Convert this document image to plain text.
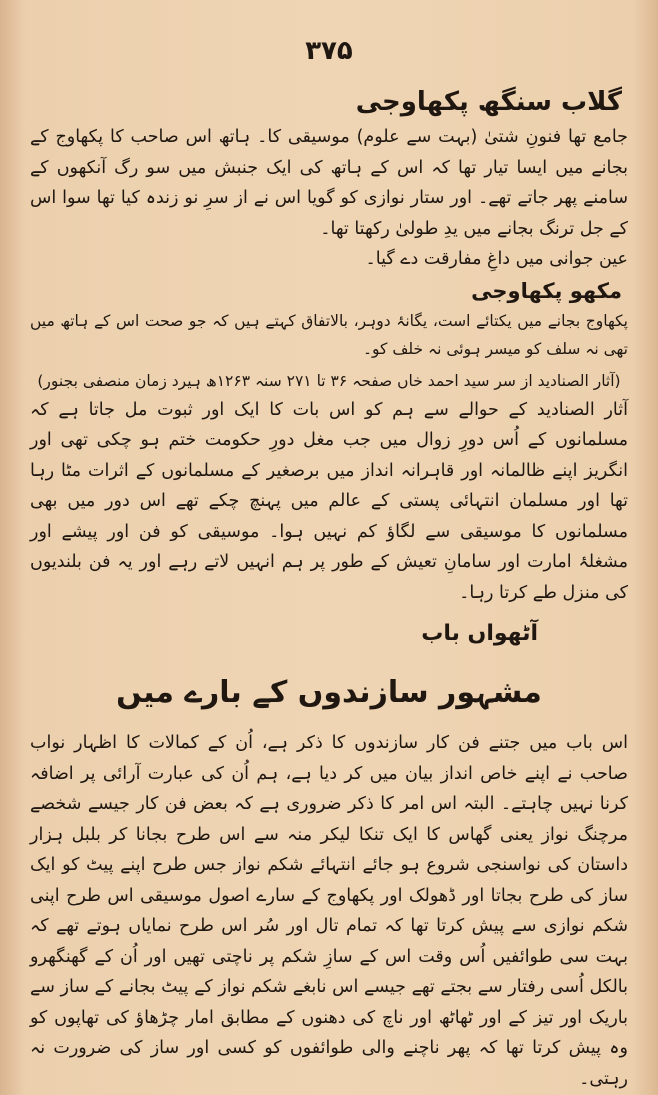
۳۷۵
گلاب سنگھ پکھاوجی

جامع تھا فنونِ شتیٰ (بہت سے علوم) موسیقی کا۔ ہاتھ اس صاحب کا پکھاوج کے بجانے میں ایسا تیار تھا کہ اس کے ہاتھ کی ایک جنبش میں سو رگ آنکھوں کے سامنے پھر جاتے تھے۔ اور ستار نوازی کو گویا اس نے از سرِ نو زندہ کیا تھا سوا اس کے جل ترنگ بجانے میں یدِ طولیٰ رکھتا تھا۔

عین جوانی میں داغِ مفارقت دے گیا۔

مکھو پکھاوجی

پکھاوج بجانے میں یکتائے است، یگانۂ دوہر، بالاتفاق کہتے ہیں کہ جو صحت اس کے ہاتھ میں تھی نہ سلف کو میسر ہوئی نہ خلف کو۔

(آثار الصنادید از سر سید احمد خاں صفحہ ۳۶ تا ۲۷۱ سنہ ۱۲۶۳ھ ہیرد زمان منصفی بجنور)

آثار الصنادید کے حوالے سے ہم کو اس بات کا ایک اور ثبوت مل جاتا ہے کہ مسلمانوں کے اُس دورِ زوال میں جب مغل دورِ حکومت ختم ہو چکی تھی اور انگریز اپنے ظالمانہ اور قاہرانہ انداز میں برصغیر کے مسلمانوں کے اثرات مٹا رہا تھا اور مسلمان انتہائی پستی کے عالم میں پہنچ چکے تھے اس دور میں بھی مسلمانوں کا موسیقی سے لگاؤ کم نہیں ہوا۔ موسیقی کو فن اور پیشے اور مشغلۂ امارت اور سامانِ تعیش کے طور پر ہم انہیں لاتے رہے اور یہ فن بلندیوں کی منزل طے کرتا رہا۔

آٹھواں باب
مشہور سازندوں کے بارے میں

اس باب میں جتنے فن کار سازندوں کا ذکر ہے، اُن کے کمالات کا اظہار نواب صاحب نے اپنے خاص انداز بیان میں کر دیا ہے، ہم اُن کی عبارت آرائی پر اضافہ کرنا نہیں چاہتے۔ البتہ اس امر کا ذکر ضروری ہے کہ بعض فن کار جیسے شخصے مرچنگ نواز یعنی گھاس کا ایک تنکا لیکر منہ سے اس طرح بجانا کر بلبل ہزار داستان کی نواسنجی شروع ہو جائے انتہائے شکم نواز جس طرح اپنے پیٹ کو ایک ساز کی طرح بجاتا اور ڈھولک اور پکھاوج کے سارے اصول موسیقی اس طرح اپنی شکم نوازی سے پیش کرتا تھا کہ تمام تال اور سُر اس طرح نمایاں ہوتے تھے کہ بہت سی طوائفیں اُس وقت اس کے سازِ شکم پر ناچتی تھیں اور اُن کے گھنگھرو بالکل اُسی رفتار سے بجتے تھے جیسے اس نابغے شکم نواز کے پیٹ بجانے کے ساز سے باریک اور تیز کے اور ٹھاٹھ اور ناچ کی دھنوں کے مطابق امار چڑھاؤ کی تھاپوں کو وہ پیش کرتا تھا کہ پھر ناچنے والی طوائفوں کو کسی اور ساز کی ضرورت نہ رہتی۔
